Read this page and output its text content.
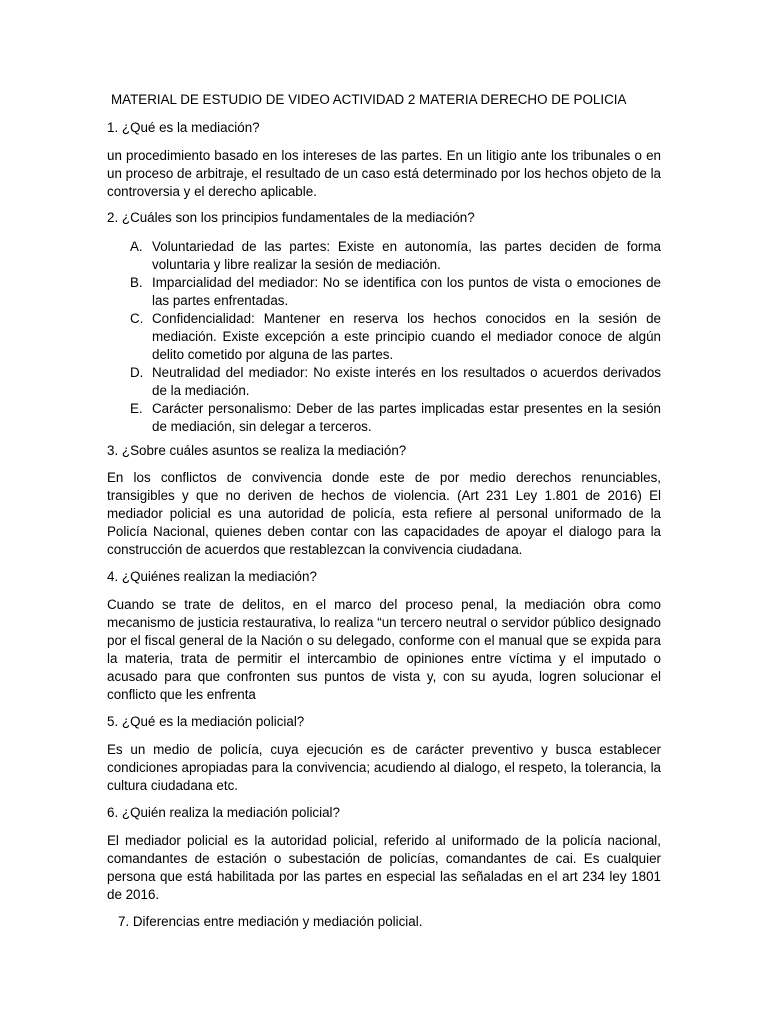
MATERIAL DE ESTUDIO DE VIDEO ACTIVIDAD 2 MATERIA DERECHO DE POLICIA

1. ¿Qué es la mediación?

un procedimiento basado en los intereses de las partes. En un litigio ante los tribunales o en un proceso de arbitraje, el resultado de un caso está determinado por los hechos objeto de la controversia y el derecho aplicable.

2. ¿Cuáles son los principios fundamentales de la mediación?

A. Voluntariedad de las partes: Existe en autonomía, las partes deciden de forma voluntaria y libre realizar la sesión de mediación.
B. Imparcialidad del mediador: No se identifica con los puntos de vista o emociones de las partes enfrentadas.
C. Confidencialidad: Mantener en reserva los hechos conocidos en la sesión de mediación. Existe excepción a este principio cuando el mediador conoce de algún delito cometido por alguna de las partes.
D. Neutralidad del mediador: No existe interés en los resultados o acuerdos derivados de la mediación.
E. Carácter personalismo: Deber de las partes implicadas estar presentes en la sesión de mediación, sin delegar a terceros.

3. ¿Sobre cuáles asuntos se realiza la mediación?

En los conflictos de convivencia donde este de por medio derechos renunciables, transigibles y que no deriven de hechos de violencia. (Art 231 Ley 1.801 de 2016) El mediador policial es una autoridad de policía, esta refiere al personal uniformado de la Policía Nacional, quienes deben contar con las capacidades de apoyar el dialogo para la construcción de acuerdos que restablezcan la convivencia ciudadana.

4. ¿Quiénes realizan la mediación?

Cuando se trate de delitos, en el marco del proceso penal, la mediación obra como mecanismo de justicia restaurativa, lo realiza “un tercero neutral o servidor público designado por el fiscal general de la Nación o su delegado, conforme con el manual que se expida para la materia, trata de permitir el intercambio de opiniones entre víctima y el imputado o acusado para que confronten sus puntos de vista y, con su ayuda, logren solucionar el conflicto que les enfrenta

5. ¿Qué es la mediación policial?

Es un medio de policía, cuya ejecución es de carácter preventivo y busca establecer condiciones apropiadas para la convivencia; acudiendo al dialogo, el respeto, la tolerancia, la cultura ciudadana etc.

6. ¿Quién realiza la mediación policial?

El mediador policial es la autoridad policial, referido al uniformado de la policía nacional, comandantes de estación o subestación de policías, comandantes de cai. Es cualquier persona que está habilitada por las partes en especial las señaladas en el art 234 ley 1801 de 2016.

7. Diferencias entre mediación y mediación policial.
